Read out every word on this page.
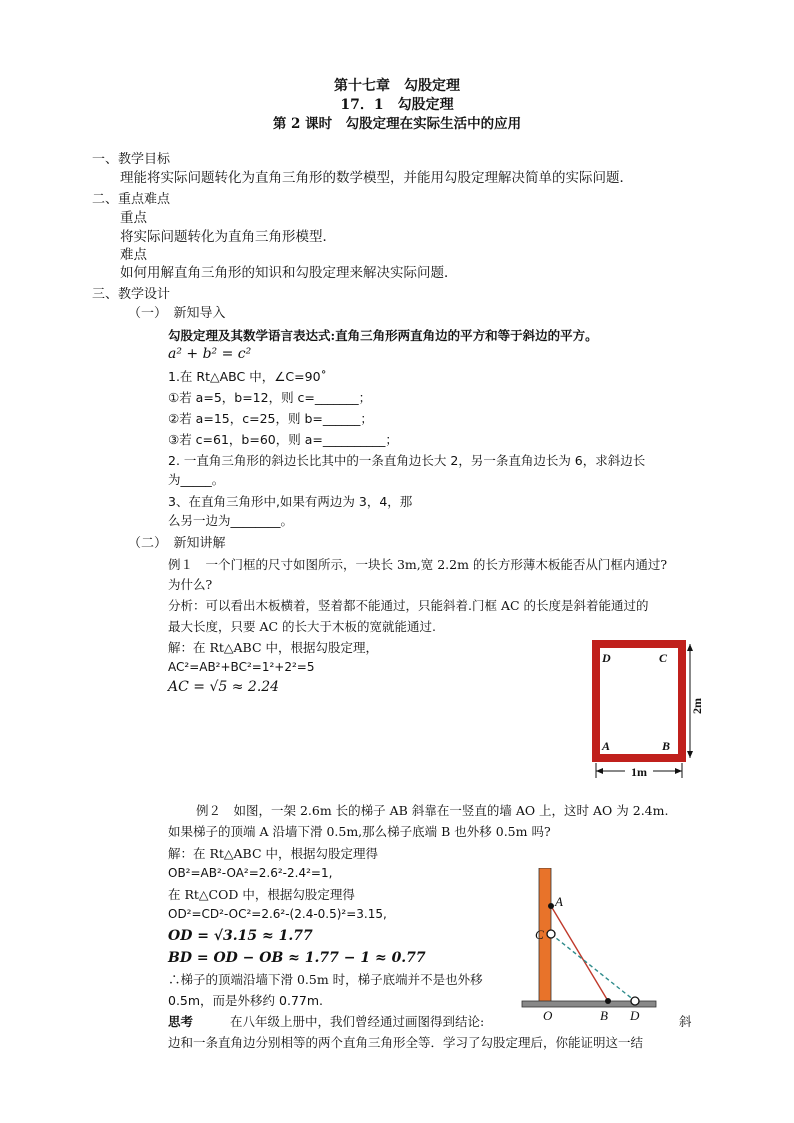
第十七章　勾股定理
17．1　勾股定理
第 2 课时　勾股定理在实际生活中的应用
一、教学目标
理能将实际问题转化为直角三角形的数学模型，并能用勾股定理解决简单的实际问题．
二、重点难点
重点
将实际问题转化为直角三角形模型．
难点
如何用解直角三角形的知识和勾股定理来解决实际问题．
三、教学设计
（一）　新知导入
勾股定理及其数学语言表达式:直角三角形两直角边的平方和等于斜边的平方。
a² + b² = c²
1.在 Rt△ABC 中，∠C=90˚
①若 a=5，b=12，则 c=_______；
②若 a=15，c=25，则 b=______；
③若 c=61，b=60，则 a=__________；
2. 一直角三角形的斜边长比其中的一条直角边长大 2，另一条直角边长为 6，求斜边长
为_____。
3、在直角三角形中,如果有两边为 3，4，那
么另一边为________。
（二）　新知讲解
例１　一个门框的尺寸如图所示，一块长 3m,宽 2.2m 的长方形薄木板能否从门框内通过?
为什么?
分析：可以看出木板横着，竖着都不能通过，只能斜着.门框 AC 的长度是斜着能通过的
最大长度，只要 AC 的长大于木板的宽就能通过.
解：在 Rt△ABC 中，根据勾股定理，
AC²=AB²+BC²=1²+2²=5
AC = √5 ≈ 2.24
D	C
A	B
2m
1m
例２　如图，一架 2.6m 长的梯子 AB 斜靠在一竖直的墙 AO 上，这时 AO 为 2.4m.
如果梯子的顶端 A 沿墙下滑 0.5m,那么梯子底端 B 也外移 0.5m 吗?
解：在 Rt△ABC 中，根据勾股定理得
OB²=AB²-OA²=2.6²-2.4²=1,
在 Rt△COD 中，根据勾股定理得
OD²=CD²-OC²=2.6²-(2.4-0.5)²=3.15,
OD = √3.15 ≈ 1.77
BD = OD − OB ≈ 1.77 − 1 ≈ 0.77
∴梯子的顶端沿墙下滑 0.5m 时，梯子底端并不是也外移
0.5m，而是外移约 0.77m.
思考	在八年级上册中，我们曾经通过画图得到结论:	斜
边和一条直角边分别相等的两个直角三角形全等．学习了勾股定理后，你能证明这一结
A
C
O	B D
